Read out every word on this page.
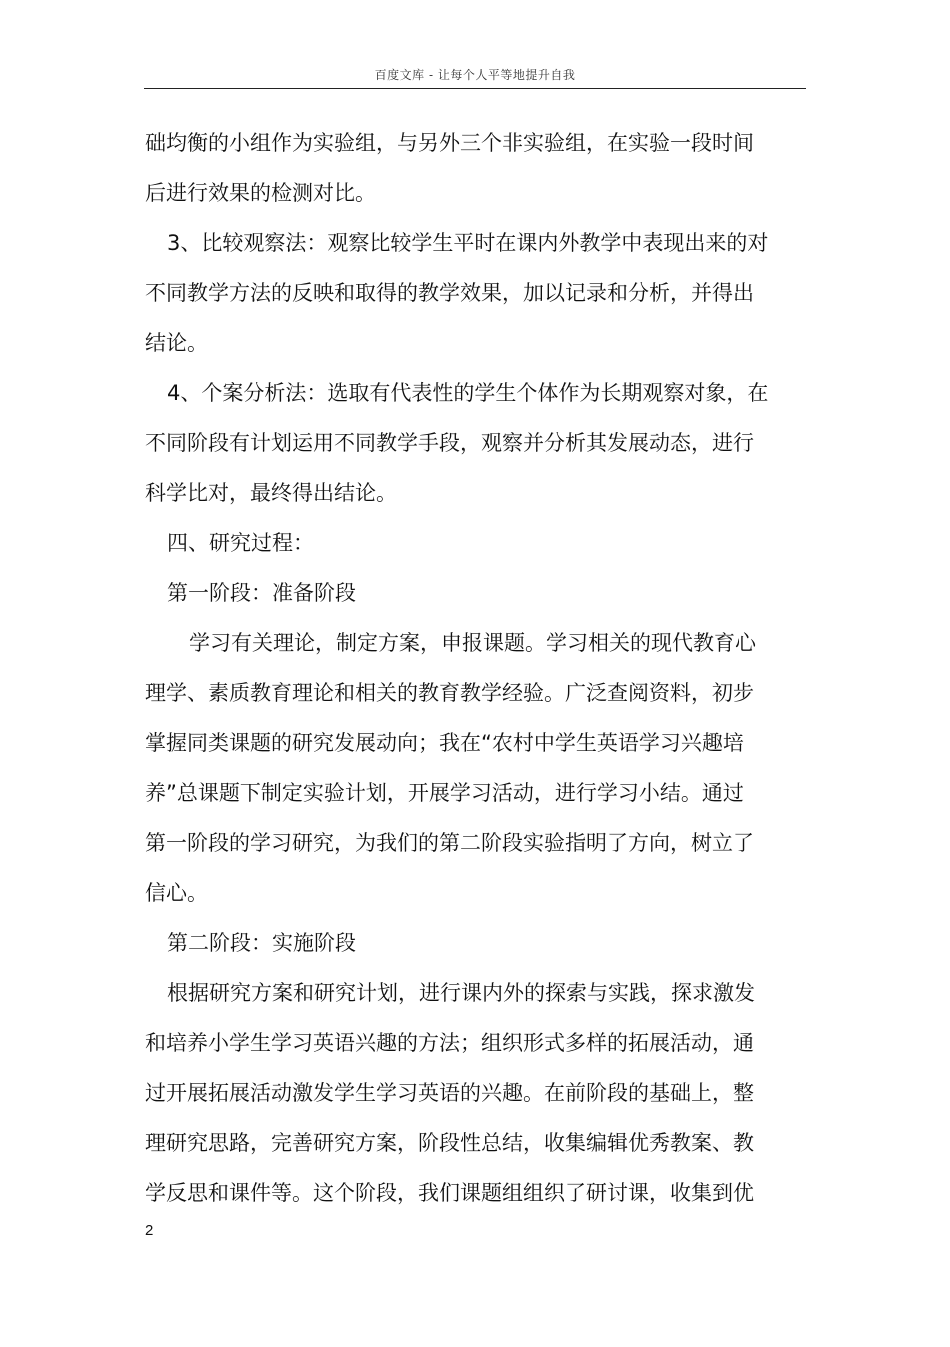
百度文库 - 让每个人平等地提升自我

础均衡的小组作为实验组，与另外三个非实验组，在实验一段时间
后进行效果的检测对比。

3、比较观察法：观察比较学生平时在课内外教学中表现出来的对
不同教学方法的反映和取得的教学效果，加以记录和分析，并得出
结论。

4、个案分析法：选取有代表性的学生个体作为长期观察对象，在
不同阶段有计划运用不同教学手段，观察并分析其发展动态，进行
科学比对，最终得出结论。

四、研究过程：

第一阶段：准备阶段

学习有关理论，制定方案，申报课题。学习相关的现代教育心
理学、素质教育理论和相关的教育教学经验。广泛查阅资料，初步
掌握同类课题的研究发展动向；我在“农村中学生英语学习兴趣培
养”总课题下制定实验计划，开展学习活动，进行学习小结。通过
第一阶段的学习研究，为我们的第二阶段实验指明了方向，树立了
信心。

第二阶段：实施阶段

根据研究方案和研究计划，进行课内外的探索与实践，探求激发
和培养小学生学习英语兴趣的方法；组织形式多样的拓展活动，通
过开展拓展活动激发学生学习英语的兴趣。在前阶段的基础上，整
理研究思路，完善研究方案，阶段性总结，收集编辑优秀教案、教
学反思和课件等。这个阶段，我们课题组组织了研讨课，收集到优

2
